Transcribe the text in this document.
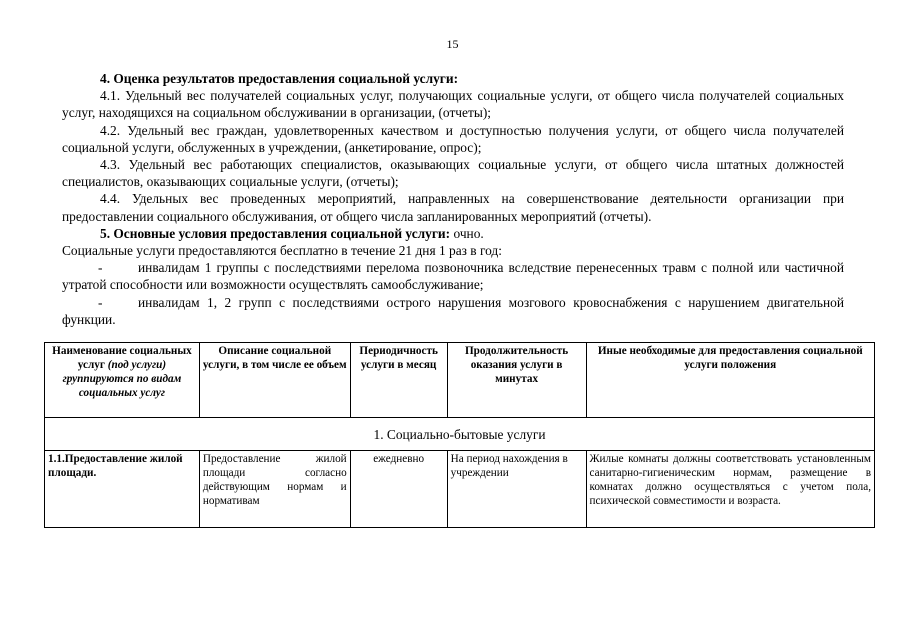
15

4. Оценка результатов предоставления социальной услуги:

4.1. Удельный вес получателей социальных услуг, получающих социальные услуги, от общего числа получателей социальных услуг, находящихся на социальном обслуживании в организации, (отчеты);

4.2. Удельный вес граждан, удовлетворенных качеством и доступностью получения услуги, от общего числа получателей социальной услуги, обслуженных в учреждении, (анкетирование, опрос);

4.3. Удельный вес работающих специалистов, оказывающих социальные услуги, от общего числа штатных должностей специалистов, оказывающих социальные услуги, (отчеты);

4.4. Удельных вес проведенных мероприятий, направленных на совершенствование деятельности организации при предоставлении социального обслуживания, от общего числа запланированных мероприятий (отчеты).

5. Основные условия предоставления социальной услуги: очно.

Социальные услуги предоставляются бесплатно в течение 21 дня 1 раз в год:

-	инвалидам 1 группы с последствиями перелома позвоночника вследствие перенесенных травм с полной или частичной утратой способности или возможности осуществлять самообслуживание;

-	инвалидам 1, 2 групп с последствиями острого нарушения мозгового кровоснабжения с нарушением двигательной функции.

Наименование социальных услуг (под услуги) группируются по видам социальных услуг	Описание социальной услуги, в том числе ее объем	Периодичность услуги в месяц	Продолжительность оказания услуги в минутах	Иные необходимые для предоставления социальной услуги положения
1. Социально-бытовые услуги				
1.1.Предоставление жилой площади.	Предоставление жилой площади согласно действующим нормам и нормативам	ежедневно	На период нахождения в учреждении	Жилые комнаты должны соответствовать установленным санитарно-гигиеническим нормам, размещение в комнатах должно осуществляться с учетом пола, психической совместимости и возраста.
